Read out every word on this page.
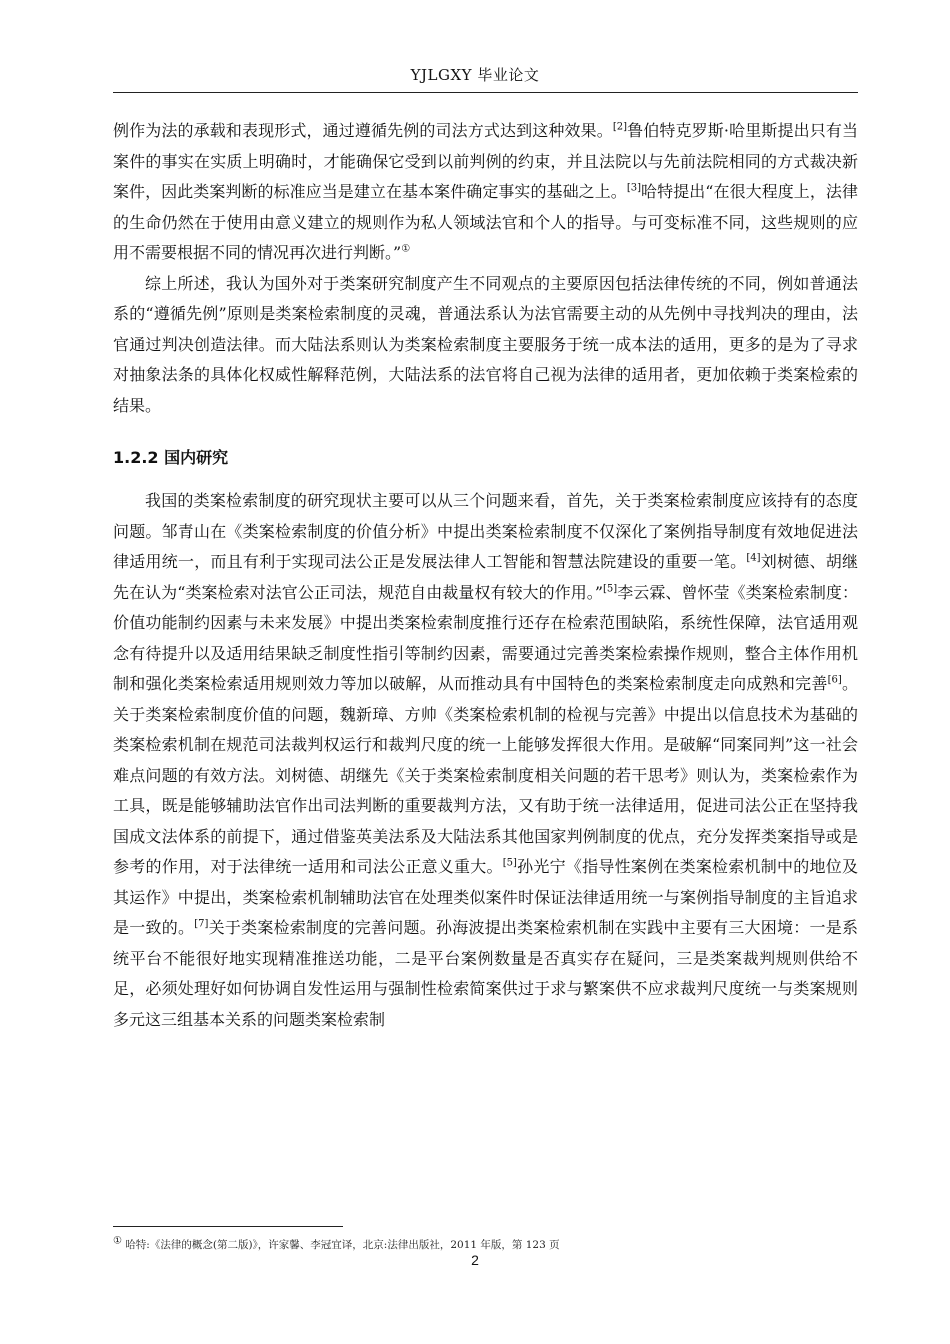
YJLGXY 毕业论文
例作为法的承载和表现形式，通过遵循先例的司法方式达到这种效果。[2]鲁伯特克罗斯·哈里斯提出只有当案件的事实在实质上明确时，才能确保它受到以前判例的约束，并且法院以与先前法院相同的方式裁决新案件，因此类案判断的标准应当是建立在基本案件确定事实的基础之上。[3]哈特提出“在很大程度上，法律的生命仍然在于使用由意义建立的规则作为私人领域法官和个人的指导。与可变标准不同，这些规则的应用不需要根据不同的情况再次进行判断。”①
综上所述，我认为国外对于类案研究制度产生不同观点的主要原因包括法律传统的不同，例如普通法系的“遵循先例”原则是类案检索制度的灵魂，普通法系认为法官需要主动的从先例中寻找判决的理由，法官通过判决创造法律。而大陆法系则认为类案检索制度主要服务于统一成本法的适用，更多的是为了寻求对抽象法条的具体化权威性解释范例，大陆法系的法官将自己视为法律的适用者，更加依赖于类案检索的结果。
1.2.2 国内研究
我国的类案检索制度的研究现状主要可以从三个问题来看，首先，关于类案检索制度应该持有的态度问题。邹青山在《类案检索制度的价值分析》中提出类案检索制度不仅深化了案例指导制度有效地促进法律适用统一，而且有利于实现司法公正是发展法律人工智能和智慧法院建设的重要一笔。[4]刘树德、胡继先在认为“类案检索对法官公正司法，规范自由裁量权有较大的作用。”[5]李云霖、曾怀莹《类案检索制度：价值功能制约因素与未来发展》中提出类案检索制度推行还存在检索范围缺陷，系统性保障，法官适用观念有待提升以及适用结果缺乏制度性指引等制约因素，需要通过完善类案检索操作规则，整合主体作用机制和强化类案检索适用规则效力等加以破解，从而推动具有中国特色的类案检索制度走向成熟和完善[6]。关于类案检索制度价值的问题，魏新璋、方帅《类案检索机制的检视与完善》中提出以信息技术为基础的类案检索机制在规范司法裁判权运行和裁判尺度的统一上能够发挥很大作用。是破解“同案同判”这一社会难点问题的有效方法。刘树德、胡继先《关于类案检索制度相关问题的若干思考》则认为，类案检索作为工具，既是能够辅助法官作出司法判断的重要裁判方法，又有助于统一法律适用，促进司法公正在坚持我国成文法体系的前提下，通过借鉴英美法系及大陆法系其他国家判例制度的优点，充分发挥类案指导或是参考的作用，对于法律统一适用和司法公正意义重大。[5]孙光宁《指导性案例在类案检索机制中的地位及其运作》中提出，类案检索机制辅助法官在处理类似案件时保证法律适用统一与案例指导制度的主旨追求是一致的。[7]关于类案检索制度的完善问题。孙海波提出类案检索机制在实践中主要有三大困境：一是系统平台不能很好地实现精准推送功能，二是平台案例数量是否真实存在疑问，三是类案裁判规则供给不足，必须处理好如何协调自发性运用与强制性检索简案供过于求与繁案供不应求裁判尺度统一与类案规则多元这三组基本关系的问题类案检索制
① 哈特:《法律的概念(第二版)》，许家馨、李冠宜译，北京:法律出版社，2011 年版，第 123 页
2
